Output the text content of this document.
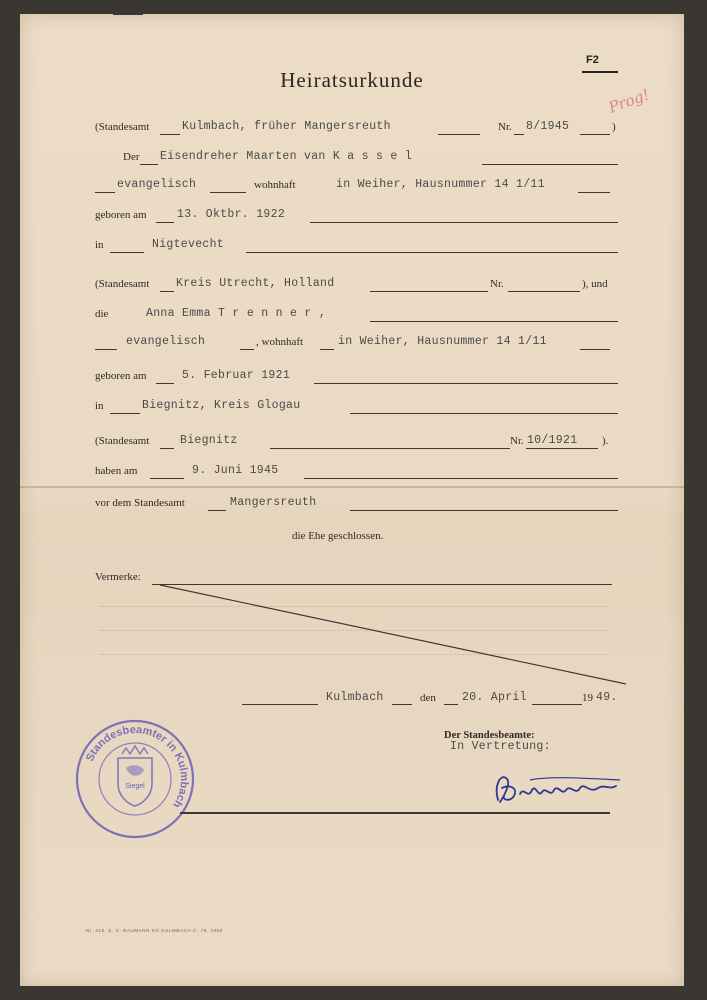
Heiratsurkunde
F2
Prog!
(Standesamt	Kulmbach, früher Mangersreuth	Nr. 8/1945	)
Der Eisendreher Maarten van K a s s e l
evangelisch	wohnhaft	in Weiher, Hausnummer 14 1/11
geboren am	13. Oktbr. 1922
in	Nigtevecht
(Standesamt Kreis Utrecht, Holland	Nr.	), und
die	Anna Emma T r e n n e r ,
evangelisch	, wohnhaft	in Weiher, Hausnummer 14 1/11
geboren am	5. Februar 1921
in	Biegnitz, Kreis Glogau
(Standesamt	Biegnitz	Nr. 10/1921 ).
haben am	9. Juni 1945
vor dem Standesamt	Mangersreuth
die Ehe geschlossen.
Vermerke:
Kulmbach	den 20. April	19 49.
Der Standesbeamte:
In Vertretung:
Standesbeamter in Kulmbach
Siegel
Nr. 415. E. C. BAUMANN KG KULMBACH C. 78. 2000
